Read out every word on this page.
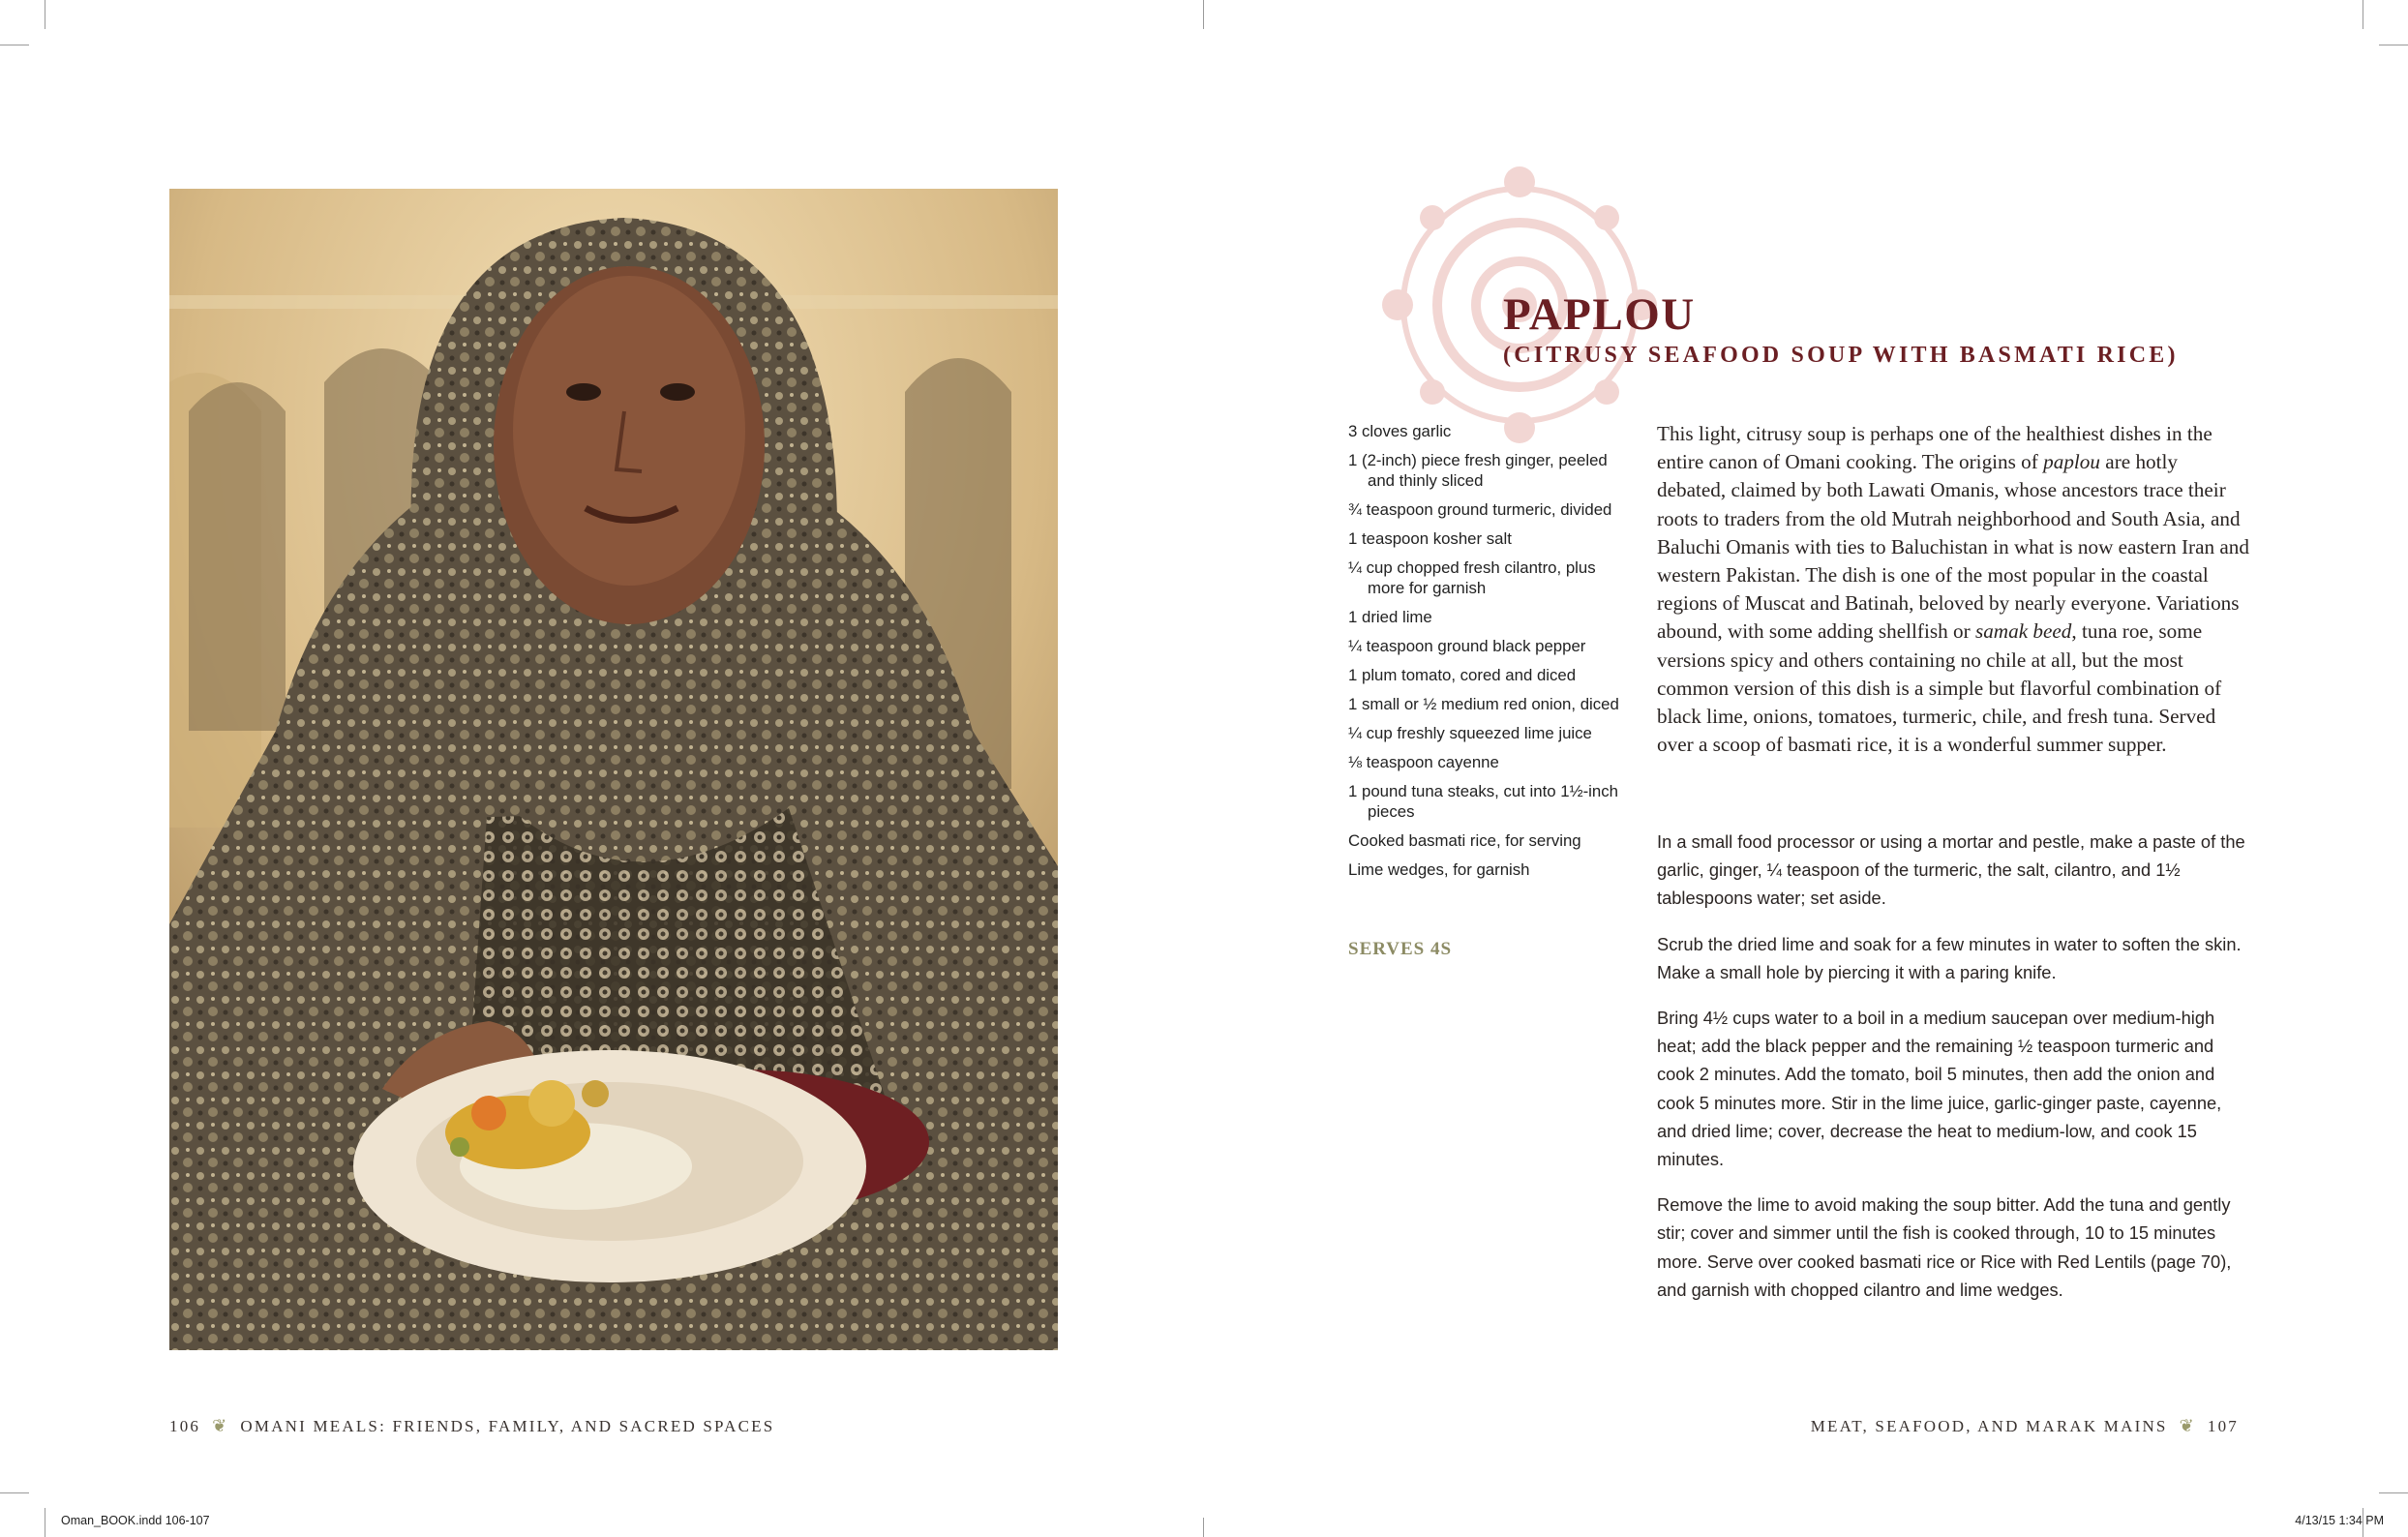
PAPLOU
(CITRUSY SEAFOOD SOUP WITH BASMATI RICE)
3 cloves garlic
1 (2-inch) piece fresh ginger, peeled and thinly sliced
¾ teaspoon ground turmeric, divided
1 teaspoon kosher salt
¼ cup chopped fresh cilantro, plus more for garnish
1 dried lime
¼ teaspoon ground black pepper
1 plum tomato, cored and diced
1 small or ½ medium red onion, diced
¼ cup freshly squeezed lime juice
⅛ teaspoon cayenne
1 pound tuna steaks, cut into 1½-inch pieces
Cooked basmati rice, for serving
Lime wedges, for garnish
SERVES 4S

This light, citrusy soup is perhaps one of the healthiest dishes in the entire canon of Omani cooking. The origins of paplou are hotly debated, claimed by both Lawati Omanis, whose ancestors trace their roots to traders from the old Mutrah neighborhood and South Asia, and Baluchi Omanis with ties to Baluchistan in what is now eastern Iran and western Pakistan. The dish is one of the most popular in the coastal regions of Muscat and Batinah, beloved by nearly everyone. Variations abound, with some adding shellfish or samak beed, tuna roe, some versions spicy and others containing no chile at all, but the most common version of this dish is a simple but flavorful combination of black lime, onions, tomatoes, turmeric, chile, and fresh tuna. Served over a scoop of basmati rice, it is a wonderful summer supper.

In a small food processor or using a mortar and pestle, make a paste of the garlic, ginger, ¼ teaspoon of the turmeric, the salt, cilantro, and 1½ tablespoons water; set aside.

Scrub the dried lime and soak for a few minutes in water to soften the skin. Make a small hole by piercing it with a paring knife.

Bring 4½ cups water to a boil in a medium saucepan over medium-high heat; add the black pepper and the remaining ½ teaspoon turmeric and cook 2 minutes. Add the tomato, boil 5 minutes, then add the onion and cook 5 minutes more. Stir in the lime juice, garlic-ginger paste, cayenne, and dried lime; cover, decrease the heat to medium-low, and cook 15 minutes.

Remove the lime to avoid making the soup bitter. Add the tuna and gently stir; cover and simmer until the fish is cooked through, 10 to 15 minutes more. Serve over cooked basmati rice or Rice with Red Lentils (page 70), and garnish with chopped cilantro and lime wedges.

106 ❦ OMANI MEALS: FRIENDS, FAMILY, AND SACRED SPACES	MEAT, SEAFOOD, AND MARAK MAINS ❦ 107
Oman_BOOK.indd 106-107	4/13/15 1:34 PM
